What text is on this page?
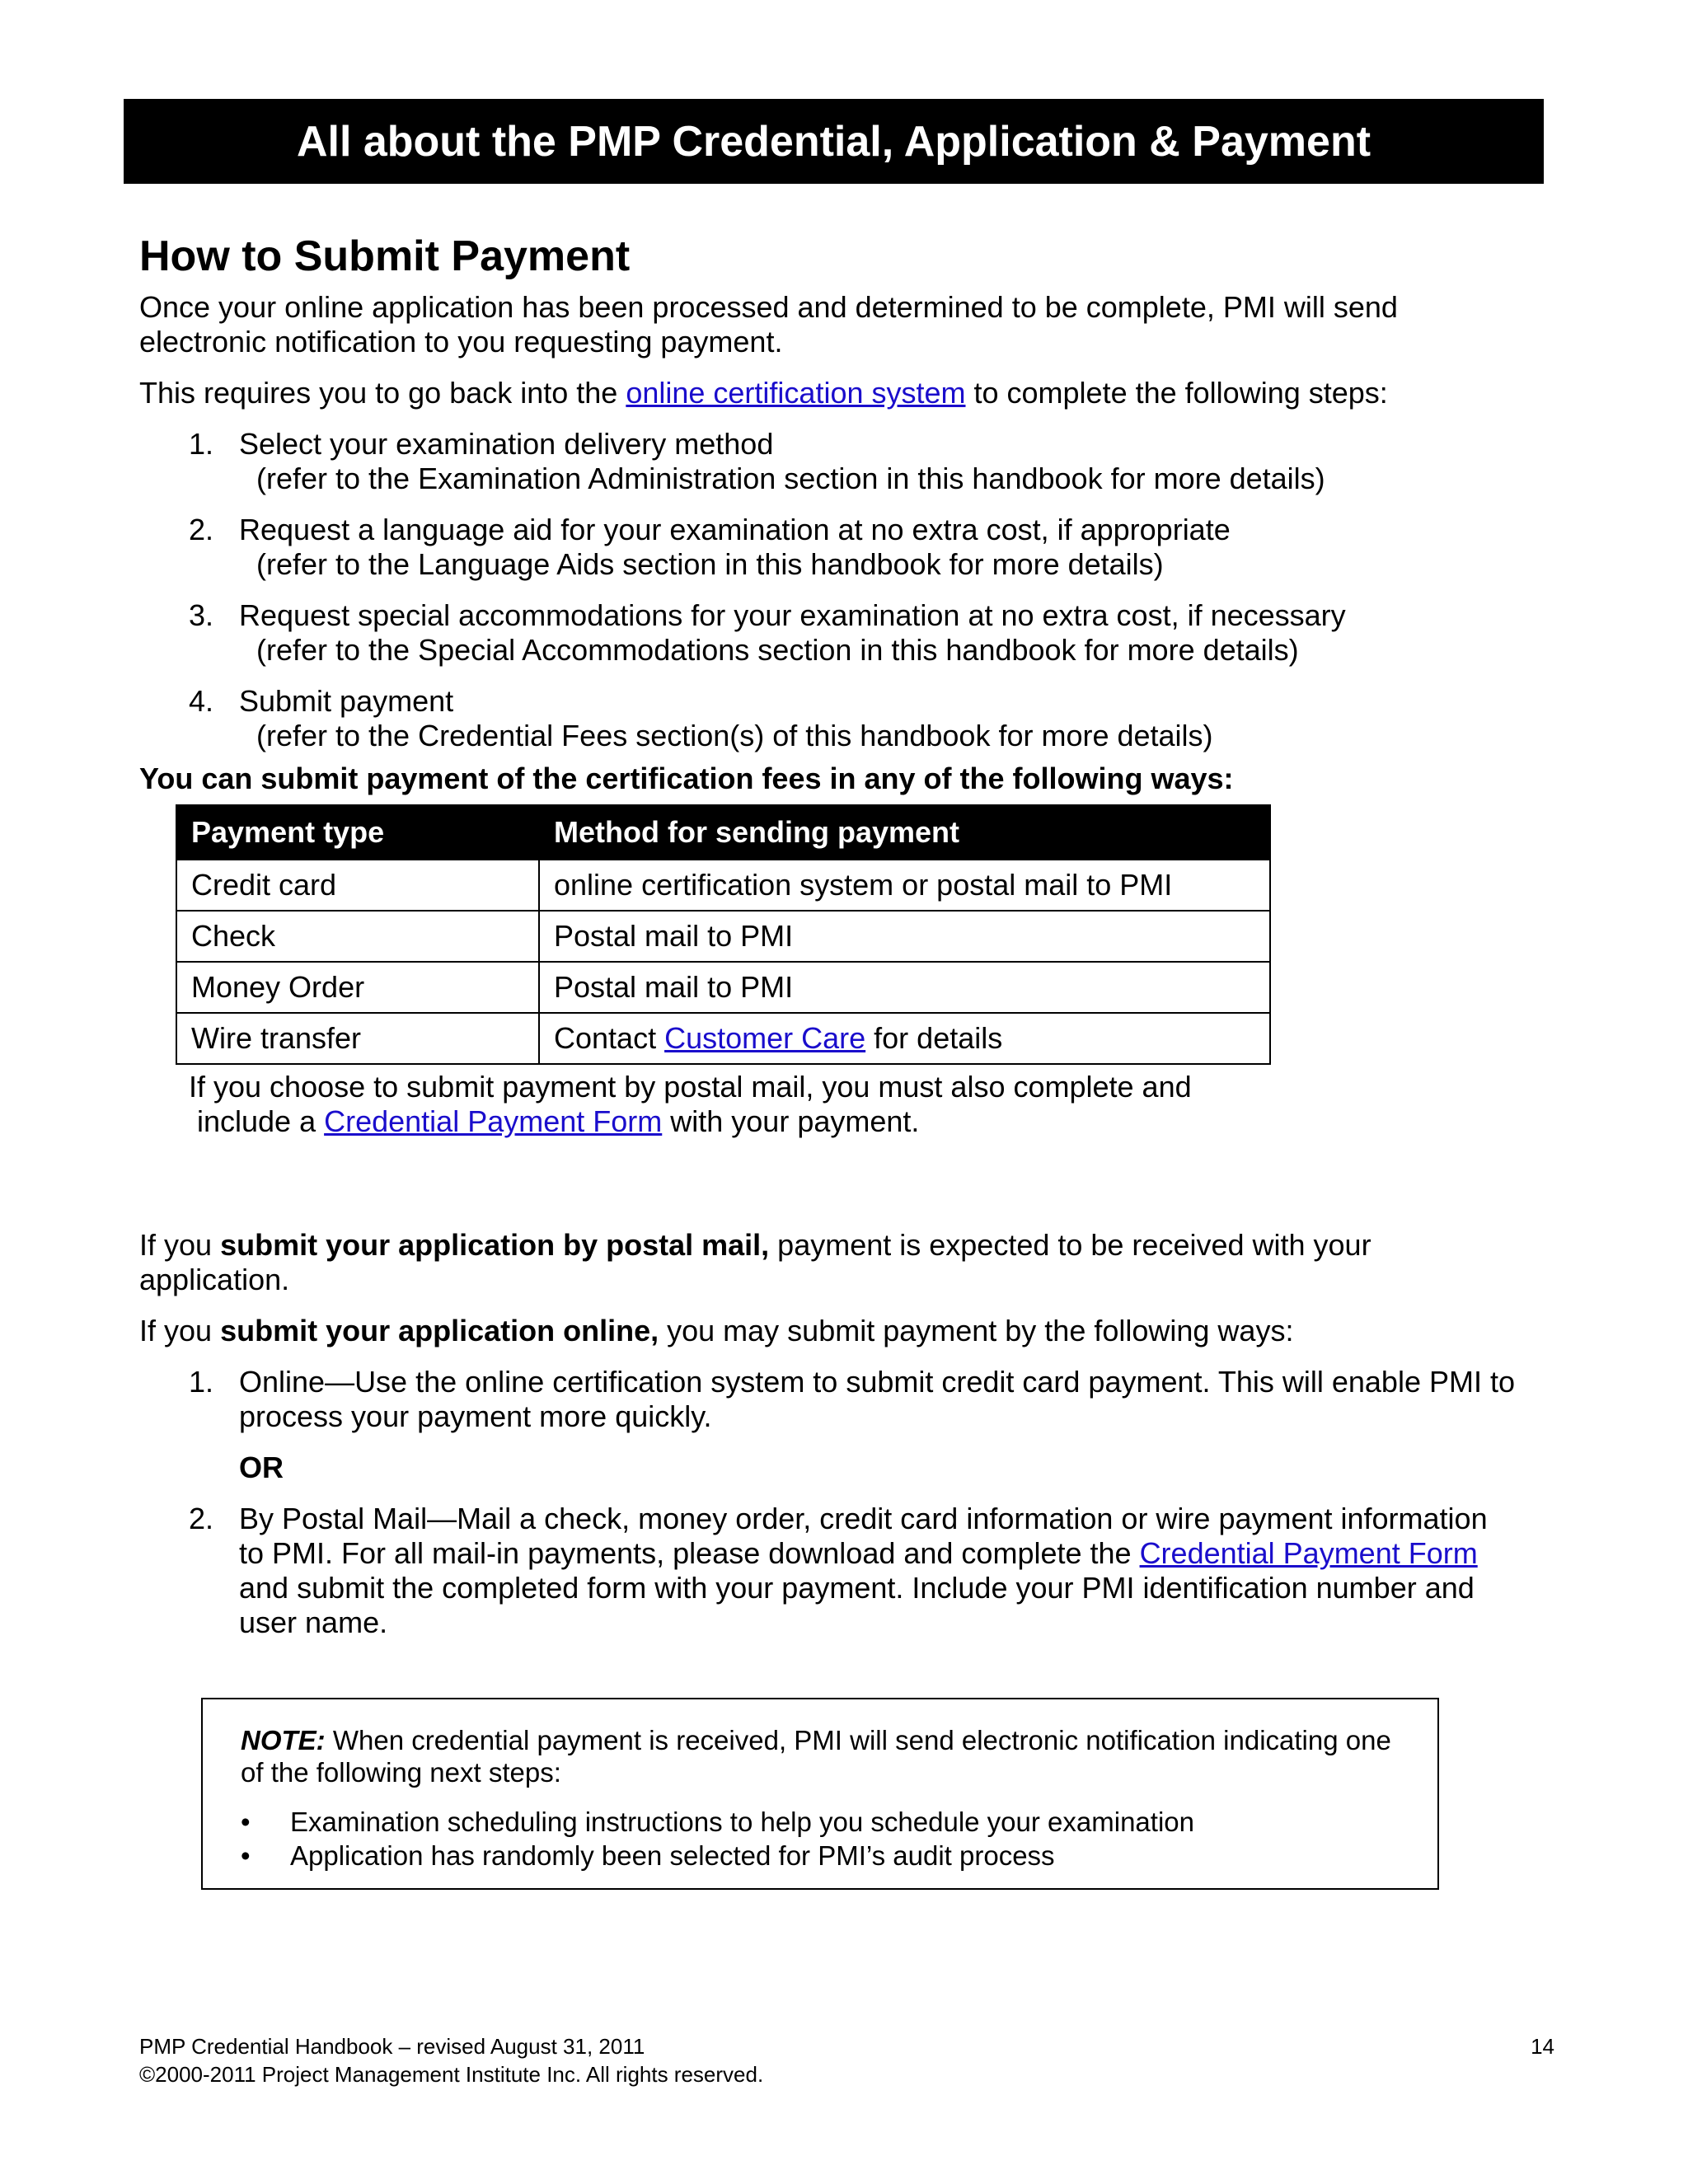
All about the PMP Credential, Application & Payment
How to Submit Payment

Once your online application has been processed and determined to be complete, PMI will send
electronic notification to you requesting payment.

This requires you to go back into the online certification system to complete the following steps:

1. Select your examination delivery method
(refer to the Examination Administration section in this handbook for more details)
2. Request a language aid for your examination at no extra cost, if appropriate
(refer to the Language Aids section in this handbook for more details)
3. Request special accommodations for your examination at no extra cost, if necessary
(refer to the Special Accommodations section in this handbook for more details)
4. Submit payment
(refer to the Credential Fees section(s) of this handbook for more details)

You can submit payment of the certification fees in any of the following ways:

Payment type	Method for sending payment
Credit card	online certification system or postal mail to PMI
Check	Postal mail to PMI
Money Order	Postal mail to PMI
Wire transfer	Contact Customer Care for details

If you choose to submit payment by postal mail, you must also complete and
include a Credential Payment Form with your payment.

If you submit your application by postal mail, payment is expected to be received with your
application.

If you submit your application online, you may submit payment by the following ways:

1. Online—Use the online certification system to submit credit card payment. This will enable PMI to
process your payment more quickly.
OR
2. By Postal Mail—Mail a check, money order, credit card information or wire payment information
to PMI. For all mail-in payments, please download and complete the Credential Payment Form
and submit the completed form with your payment. Include your PMI identification number and
user name.

NOTE: When credential payment is received, PMI will send electronic notification indicating one
of the following next steps:

• Examination scheduling instructions to help you schedule your examination
• Application has randomly been selected for PMI’s audit process
PMP Credential Handbook – revised August 31, 2011
©2000-2011 Project Management Institute Inc. All rights reserved.
14
